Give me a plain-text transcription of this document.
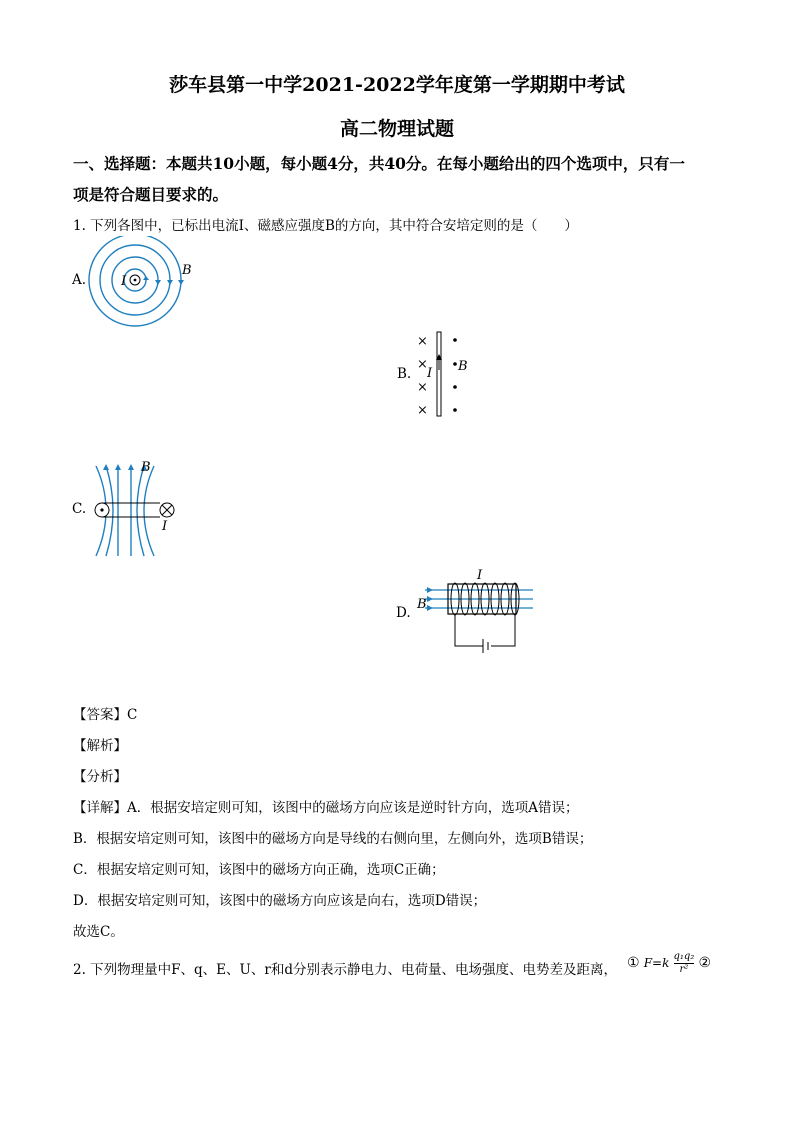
莎车县第一中学2021-2022学年度第一学期期中考试
高二物理试题
一、选择题：本题共10小题，每小题4分，共40分。在每小题给出的四个选项中，只有一
项是符合题目要求的。
1. 下列各图中，已标出电流I、磁感应强度B的方向，其中符合安培定则的是（　　）
A.	I
B
B.
×
×
×
×
I B
C.
I
B
D.
I
B
【答案】C
【解析】
【分析】
【详解】A．根据安培定则可知，该图中的磁场方向应该是逆时针方向，选项A错误；
B．根据安培定则可知，该图中的磁场方向是导线的右侧向里，左侧向外，选项B错误；
C．根据安培定则可知，该图中的磁场方向正确，选项C正确；
D．根据安培定则可知，该图中的磁场方向应该是向右，选项D错误；
故选C。
2. 下列物理量中F、q、E、U、r和d分别表示静电力、电荷量、电场强度、电势差及距离， ① $F=k \frac{\text{q₁q₂}}{\text{r²}}$ ②
